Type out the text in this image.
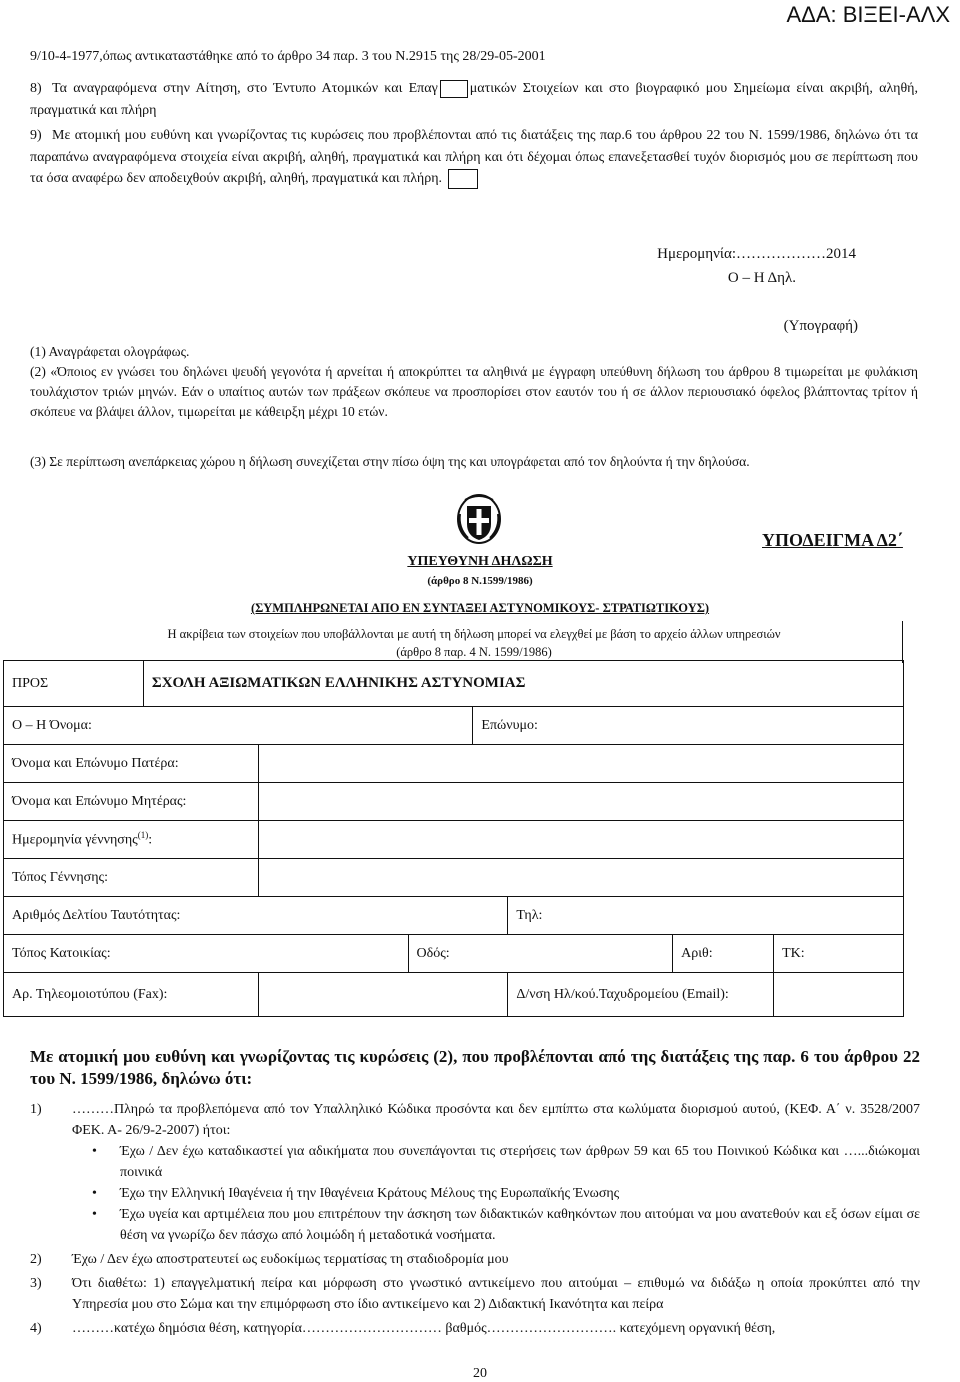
ΑΔΑ: ΒΙΞΕΙ-ΑΛΧ
9/10-4-1977,όπως αντικαταστάθηκε από το άρθρο 34 παρ. 3 του Ν.2915 της 28/29-05-2001
8) Τα αναγραφόμενα στην Αίτηση, στο Έντυπο Ατομικών και Επαγ ματικών Στοιχείων και στο βιογραφικό μου Σημείωμα είναι ακριβή, αληθή, πραγματικά και πλήρη
9) Με ατομική μου ευθύνη και γνωρίζοντας τις κυρώσεις που προβλέπονται από τις διατάξεις της παρ.6 του άρθρου 22 του Ν. 1599/1986, δηλώνω ότι τα παραπάνω αναγραφόμενα στοιχεία είναι ακριβή, αληθή, πραγματικά και πλήρη και ότι δέχομαι όπως επανεξετασθεί τυχόν διορισμός μου σε περίπτωση που τα όσα αναφέρω δεν αποδειχθούν ακριβή, αληθή, πραγματικά και πλήρη.
Ημερομηνία:………………2014
Ο – Η Δηλ.
(Υπογραφή)
(1) Αναγράφεται ολογράφως.
(2) «Όποιος εν γνώσει του δηλώνει ψευδή γεγονότα ή αρνείται ή αποκρύπτει τα αληθινά με έγγραφη υπεύθυνη δήλωση του άρθρου 8 τιμωρείται με φυλάκιση τουλάχιστον τριών μηνών. Εάν ο υπαίτιος αυτών των πράξεων σκόπευε να προσπορίσει στον εαυτόν του ή σε άλλον περιουσιακό όφελος βλάπτοντας τρίτον ή σκόπευε να βλάψει άλλον, τιμωρείται με κάθειρξη μέχρι 10 ετών.
(3) Σε περίπτωση ανεπάρκειας χώρου η δήλωση συνεχίζεται στην πίσω όψη της και υπογράφεται από τον δηλούντα ή την δηλούσα.
ΥΠΟΔΕΙΓΜΑ Δ2΄
ΥΠΕΥΘΥΝΗ ΔΗΛΩΣΗ
(άρθρο 8 Ν.1599/1986)
(ΣΥΜΠΛΗΡΩΝΕΤΑΙ ΑΠΟ ΕΝ ΣΥΝΤΑΞΕΙ ΑΣΤΥΝΟΜΙΚΟΥΣ- ΣΤΡΑΤΙΩΤΙΚΟΥΣ)
Η ακρίβεια των στοιχείων που υποβάλλονται με αυτή τη δήλωση μπορεί να ελεγχθεί με βάση το αρχείο άλλων υπηρεσιών
(άρθρο 8 παρ. 4 Ν. 1599/1986)
ΠΡΟΣ	ΣΧΟΛΗ ΑΞΙΩΜΑΤΙΚΩΝ ΕΛΛΗΝΙΚΗΣ ΑΣΤΥΝΟΜΙΑΣ						
Ο – Η Όνομα:				Επώνυμο:			
Όνομα και Επώνυμο Πατέρα:							
Όνομα και Επώνυμο Μητέρας:							
Ημερομηνία γέννησης$^{(1)}$:							
Τόπος Γέννησης:							
Αριθμός Δελτίου Ταυτότητας:					Τηλ:		
Τόπος Κατοικίας:			Οδός:			Αριθ:	ΤΚ:
Αρ. Τηλεομοιοτύπου (Fax):					Δ/νση Ηλ/κού.Ταχυδρομείου (Email):		
Με ατομική μου ευθύνη και γνωρίζοντας τις κυρώσεις (2), που προβλέπονται από της διατάξεις της παρ. 6 του άρθρου 22 του Ν. 1599/1986, δηλώνω ότι:
1) ………Πληρώ τα προβλεπόμενα από τον Υπαλληλικό Κώδικα προσόντα και δεν εμπίπτω στα κωλύματα διορισμού αυτού, (ΚΕΦ. Α΄ ν. 3528/2007 ΦΕΚ. Α- 26/9-2-2007) ήτοι:
• Έχω / Δεν έχω καταδικαστεί για αδικήματα που συνεπάγονται τις στερήσεις των άρθρων 59 και 65 του Ποινικού Κώδικα και …...διώκομαι ποινικά
• Έχω την Ελληνική Ιθαγένεια ή την Ιθαγένεια Κράτους Μέλους της Ευρωπαϊκής Ένωσης
• Έχω υγεία και αρτιμέλεια που μου επιτρέπουν την άσκηση των διδακτικών καθηκόντων που αιτούμαι να μου ανατεθούν και εξ όσων είμαι σε θέση να γνωρίζω δεν πάσχω από λοιμώδη ή μεταδοτικά νοσήματα.
2) Έχω / Δεν έχω αποστρατευτεί ως ευδοκίμως τερματίσας τη σταδιοδρομία μου
3) Ότι διαθέτω: 1) επαγγελματική πείρα και μόρφωση στο γνωστικό αντικείμενο που αιτούμαι – επιθυμώ να διδάξω η οποία προκύπτει από την Υπηρεσία μου στο Σώμα και την επιμόρφωση στο ίδιο αντικείμενο και 2) Διδακτική Ικανότητα και πείρα
4) ………κατέχω δημόσια θέση, κατηγορία………………………… βαθμός………………………. κατεχόμενη οργανική θέση,
20
